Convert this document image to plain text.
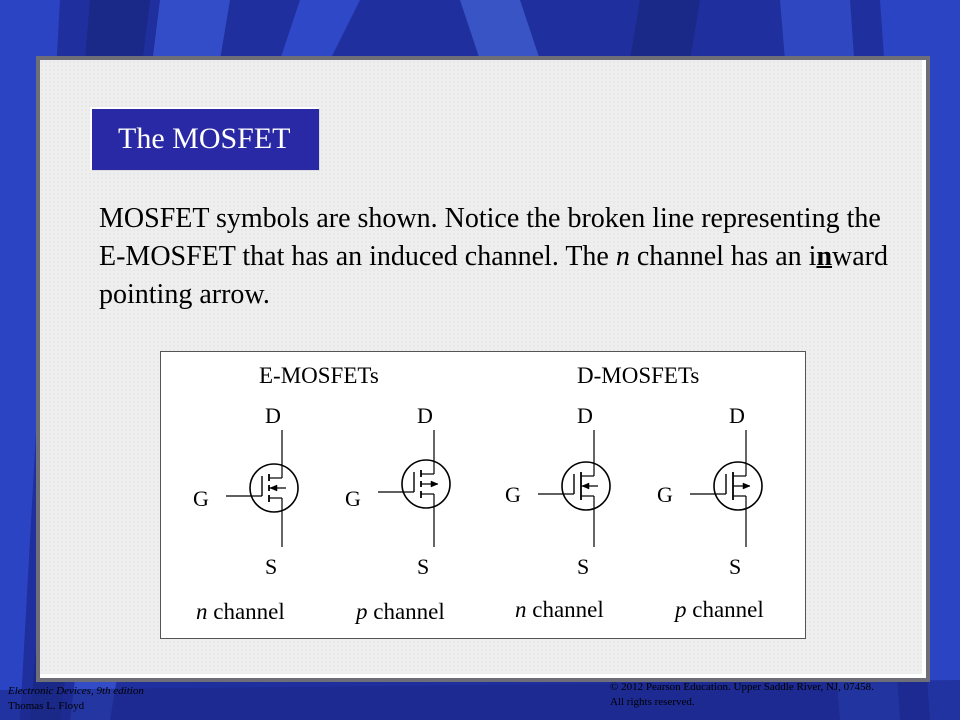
The MOSFET
MOSFET symbols are shown. Notice the broken line representing the E-MOSFET that has an induced channel. The n channel has an inward pointing arrow.
E-MOSFETs	D-MOSFETs
D
G
S
n channel
D
G
S
p channel
D
G
S
n channel
D
G
S
p channel
Electronic Devices, 9th edition
Thomas L. Floyd
© 2012 Pearson Education. Upper Saddle River, NJ, 07458.
All rights reserved.
